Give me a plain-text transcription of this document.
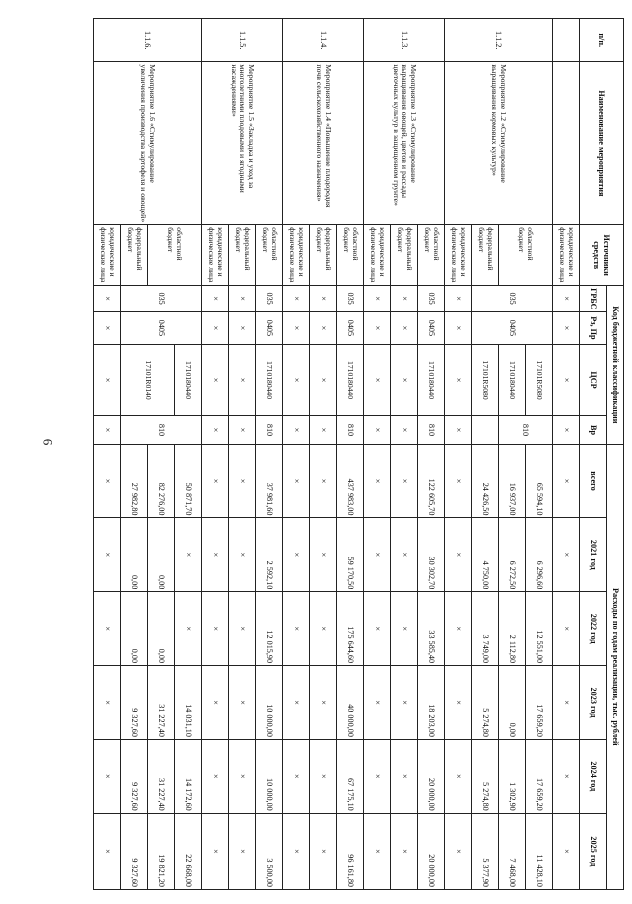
6
п/п.	Наименование мероприятия	Источники средств	Код бюджетной классификации				Расходы по годам реализации, тыс. рублей					
			ГРБС	Рз, Пр	ЦСР	Вр	всего	2021 год	2022 год	2023 год	2024 год	2025 год
		юридические и физические лица	×	×	×	×	×	×	×	×	×	×
1.1.2.	Мероприятие 1.2 «Стимулирование выращивания кормовых культур»	областной бюджет	035	0405	17101R5080	810	65 594,10	6 296,60	12 551,00	17 659,20	17 659,20	11 428,10
					1710180440		16 937,00	6 272,50	2 112,80	0,00	1 302,90	7 468,00
		федеральный бюджет			17101R5080		24 426,50	4 750,00	3 749,00	5 274,80	5 274,80	5 377,90
		юридические и физические лица	×	×	×	×	×	×	×	×	×	×
1.1.3.	Мероприятие 1.3 «Стимулирование выращивания овощей, цветов и рассады цветочных культур в защищенном грунте»	областной бюджет	035	0405	1710180440	810	122 605,70	30 302,70	33 585,40	18 203,00	20 000,00	20 000,00
		федеральный бюджет	×	×	×	×	×	×	×	×	×	×
		юридические и физические лица	×	×	×	×	×	×	×	×	×	×
1.1.4.	Мероприятие 1.4 «Повышение плодородия почв сельскохозяйственного назначения»	областной бюджет	035	0405	1710180440	810	437 983,00	59 170,50	175 644,60	40 000,00	67 175,10	96 161,80
		федеральный бюджет	×	×	×	×	×	×	×	×	×	×
		юридические и физические лица	×	×	×	×	×	×	×	×	×	×
1.1.5.	Мероприятие 1.5 «Закладка и уход за многолетними плодовыми и ягодными насаждениями»	областной бюджет	035	0405	1710180440	810	37 981,60	2 592,10	12 015,90	10 000,00	10 000,00	3 500,00
		федеральный бюджет	×	×	×	×	×	×	×	×	×	×
		юридические и физические лица	×	×	×	×	×	×	×	×	×	×
1.1.6.	Мероприятие 1.6 «Стимулирование увеличения производства картофеля и овощей»	областной бюджет	035	0405	1710180440	810	50 871,70	×	×	14 031,10	14 172,60	22 668,00
					17101R0140		82 276,00	0,00	0,00	31 227,40	31 227,40	19 821,20
		федеральный бюджет					27 982,80	0,00	0,00	9 327,60	9 327,60	9 327,60
		юридические и физические лица	×	×	×	×	×	×	×	×	×	×
